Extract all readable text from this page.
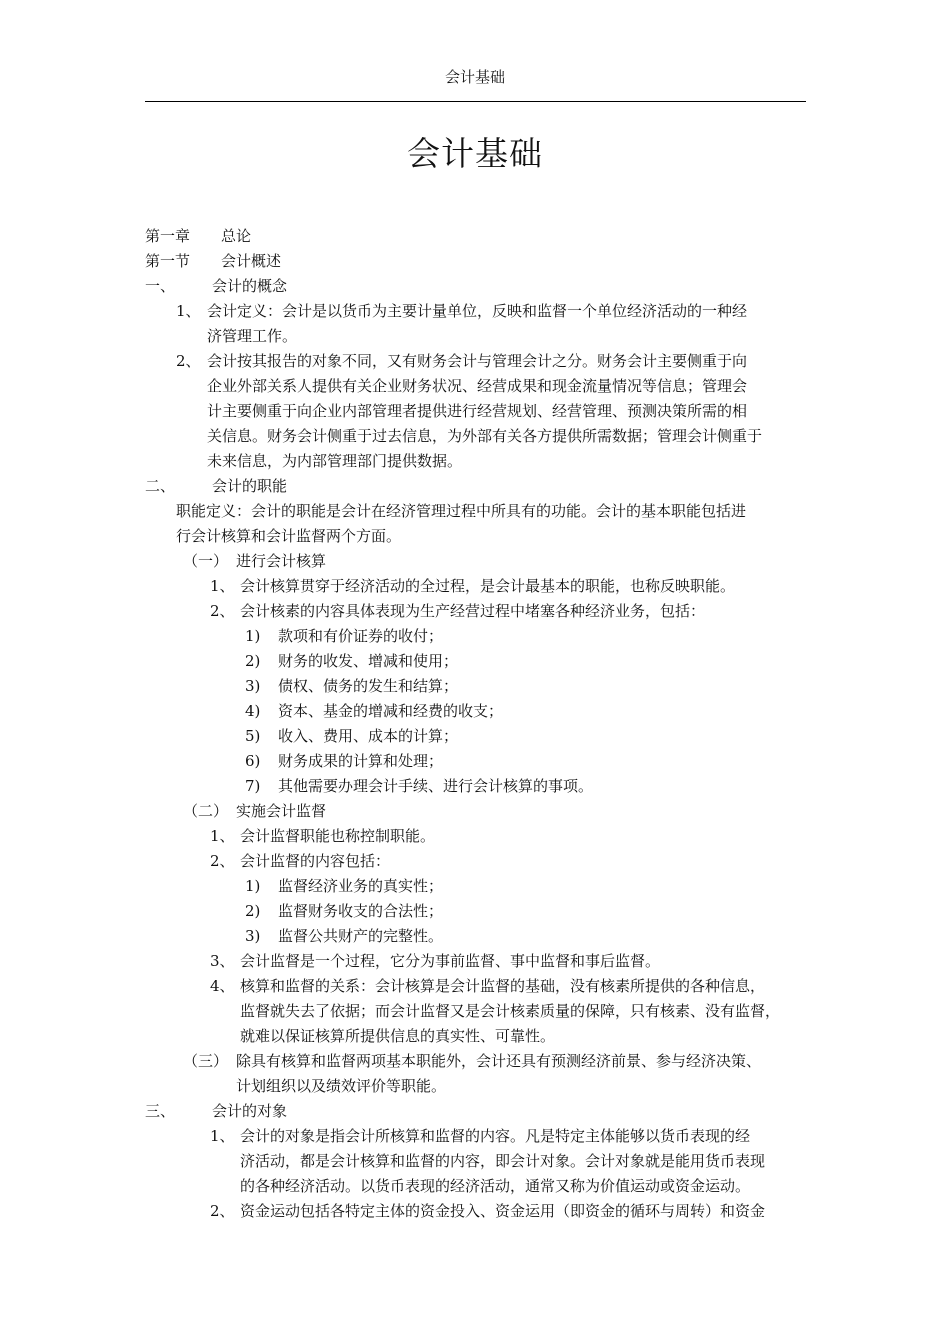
会计基础
会计基础
第一章 总论
第一节 会计概述
一、 会计的概念
1、 会计定义：会计是以货币为主要计量单位，反映和监督一个单位经济活动的一种经
济管理工作。
2、 会计按其报告的对象不同，又有财务会计与管理会计之分。财务会计主要侧重于向
企业外部关系人提供有关企业财务状况、经营成果和现金流量情况等信息；管理会
计主要侧重于向企业内部管理者提供进行经营规划、经营管理、预测决策所需的相
关信息。财务会计侧重于过去信息，为外部有关各方提供所需数据；管理会计侧重于
未来信息，为内部管理部门提供数据。
二、 会计的职能
职能定义：会计的职能是会计在经济管理过程中所具有的功能。会计的基本职能包括进
行会计核算和会计监督两个方面。
（一） 进行会计核算
1、 会计核算贯穿于经济活动的全过程，是会计最基本的职能，也称反映职能。
2、 会计核素的内容具体表现为生产经营过程中堵塞各种经济业务，包括：
1) 款项和有价证券的收付；
2) 财务的收发、增减和使用；
3) 债权、债务的发生和结算；
4) 资本、基金的增减和经费的收支；
5) 收入、费用、成本的计算；
6) 财务成果的计算和处理；
7) 其他需要办理会计手续、进行会计核算的事项。
（二） 实施会计监督
1、 会计监督职能也称控制职能。
2、 会计监督的内容包括：
1) 监督经济业务的真实性；
2) 监督财务收支的合法性；
3) 监督公共财产的完整性。
3、 会计监督是一个过程，它分为事前监督、事中监督和事后监督。
4、 核算和监督的关系：会计核算是会计监督的基础，没有核素所提供的各种信息，
监督就失去了依据；而会计监督又是会计核素质量的保障，只有核素、没有监督，
就难以保证核算所提供信息的真实性、可靠性。
（三） 除具有核算和监督两项基本职能外，会计还具有预测经济前景、参与经济决策、
计划组织以及绩效评价等职能。
三、 会计的对象
1、 会计的对象是指会计所核算和监督的内容。凡是特定主体能够以货币表现的经
济活动，都是会计核算和监督的内容，即会计对象。会计对象就是能用货币表现
的各种经济活动。以货币表现的经济活动，通常又称为价值运动或资金运动。
2、 资金运动包括各特定主体的资金投入、资金运用（即资金的循环与周转）和资金
